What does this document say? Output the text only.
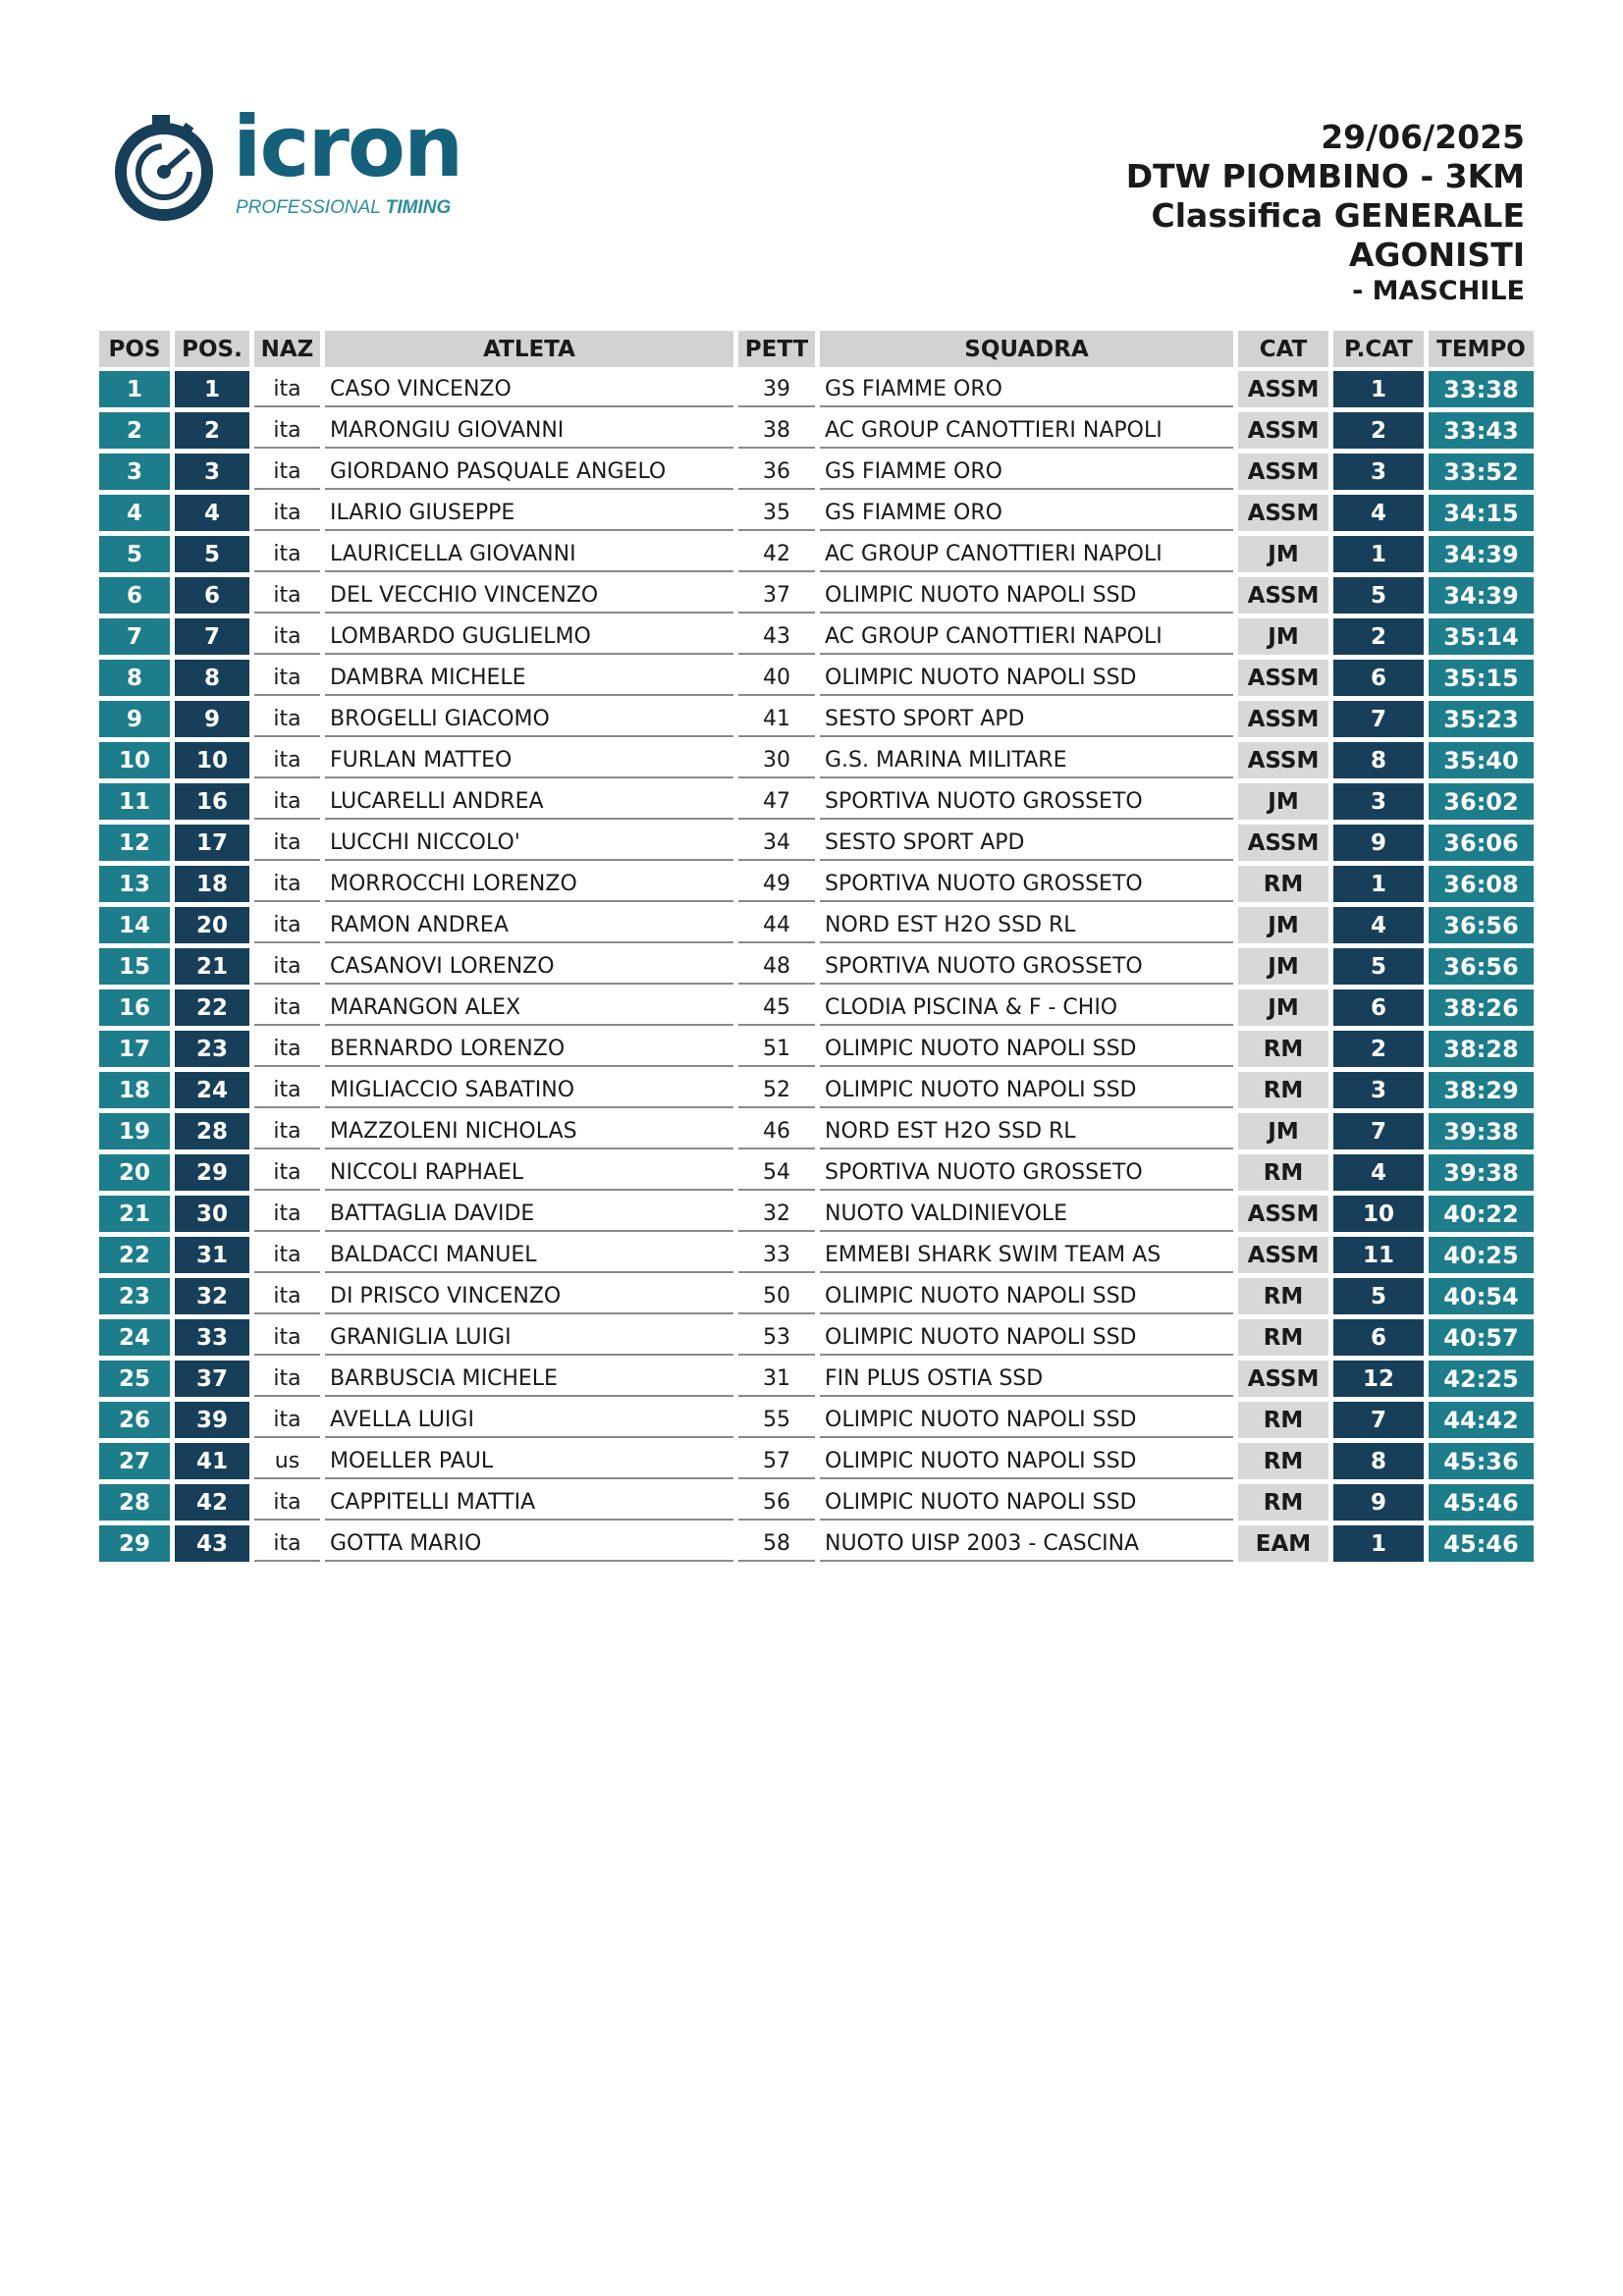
icron
PROFESSIONAL TIMING
29/06/2025
DTW PIOMBINO - 3KM
Classifica GENERALE
AGONISTI
- MASCHILE
POS	POS.	NAZ	ATLETA	PETT	SQUADRA	CAT	P.CAT	TEMPO
1	1	ita	CASO VINCENZO	39	GS FIAMME ORO	ASSM	1	33:38
2	2	ita	MARONGIU GIOVANNI	38	AC GROUP CANOTTIERI NAPOLI	ASSM	2	33:43
3	3	ita	GIORDANO PASQUALE ANGELO	36	GS FIAMME ORO	ASSM	3	33:52
4	4	ita	ILARIO GIUSEPPE	35	GS FIAMME ORO	ASSM	4	34:15
5	5	ita	LAURICELLA GIOVANNI	42	AC GROUP CANOTTIERI NAPOLI	JM	1	34:39
6	6	ita	DEL VECCHIO VINCENZO	37	OLIMPIC NUOTO NAPOLI SSD	ASSM	5	34:39
7	7	ita	LOMBARDO GUGLIELMO	43	AC GROUP CANOTTIERI NAPOLI	JM	2	35:14
8	8	ita	DAMBRA MICHELE	40	OLIMPIC NUOTO NAPOLI SSD	ASSM	6	35:15
9	9	ita	BROGELLI GIACOMO	41	SESTO SPORT APD	ASSM	7	35:23
10	10	ita	FURLAN MATTEO	30	G.S. MARINA MILITARE	ASSM	8	35:40
11	16	ita	LUCARELLI ANDREA	47	SPORTIVA NUOTO GROSSETO	JM	3	36:02
12	17	ita	LUCCHI NICCOLO'	34	SESTO SPORT APD	ASSM	9	36:06
13	18	ita	MORROCCHI LORENZO	49	SPORTIVA NUOTO GROSSETO	RM	1	36:08
14	20	ita	RAMON ANDREA	44	NORD EST H2O SSD RL	JM	4	36:56
15	21	ita	CASANOVI LORENZO	48	SPORTIVA NUOTO GROSSETO	JM	5	36:56
16	22	ita	MARANGON ALEX	45	CLODIA PISCINA & F - CHIO	JM	6	38:26
17	23	ita	BERNARDO LORENZO	51	OLIMPIC NUOTO NAPOLI SSD	RM	2	38:28
18	24	ita	MIGLIACCIO SABATINO	52	OLIMPIC NUOTO NAPOLI SSD	RM	3	38:29
19	28	ita	MAZZOLENI NICHOLAS	46	NORD EST H2O SSD RL	JM	7	39:38
20	29	ita	NICCOLI RAPHAEL	54	SPORTIVA NUOTO GROSSETO	RM	4	39:38
21	30	ita	BATTAGLIA DAVIDE	32	NUOTO VALDINIEVOLE	ASSM	10	40:22
22	31	ita	BALDACCI MANUEL	33	EMMEBI SHARK SWIM TEAM AS	ASSM	11	40:25
23	32	ita	DI PRISCO VINCENZO	50	OLIMPIC NUOTO NAPOLI SSD	RM	5	40:54
24	33	ita	GRANIGLIA LUIGI	53	OLIMPIC NUOTO NAPOLI SSD	RM	6	40:57
25	37	ita	BARBUSCIA MICHELE	31	FIN PLUS OSTIA SSD	ASSM	12	42:25
26	39	ita	AVELLA LUIGI	55	OLIMPIC NUOTO NAPOLI SSD	RM	7	44:42
27	41	us	MOELLER PAUL	57	OLIMPIC NUOTO NAPOLI SSD	RM	8	45:36
28	42	ita	CAPPITELLI MATTIA	56	OLIMPIC NUOTO NAPOLI SSD	RM	9	45:46
29	43	ita	GOTTA MARIO	58	NUOTO UISP 2003 - CASCINA	EAM	1	45:46
